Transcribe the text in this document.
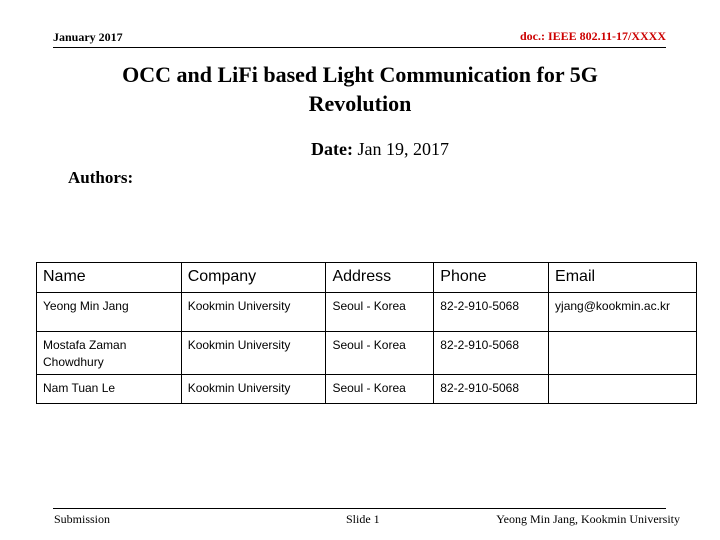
January 2017	doc.: IEEE 802.11-17/XXXX
OCC and LiFi based Light Communication for 5G Revolution
Date: Jan 19, 2017
Authors:
Name	Company	Address	Phone	Email
Yeong Min Jang	Kookmin University	Seoul - Korea	82-2-910-5068	yjang@kookmin.ac.kr
Mostafa Zaman Chowdhury	Kookmin University	Seoul - Korea	82-2-910-5068	
Nam Tuan Le	Kookmin University	Seoul - Korea	82-2-910-5068	
Submission	Slide 1	Yeong Min Jang, Kookmin University
